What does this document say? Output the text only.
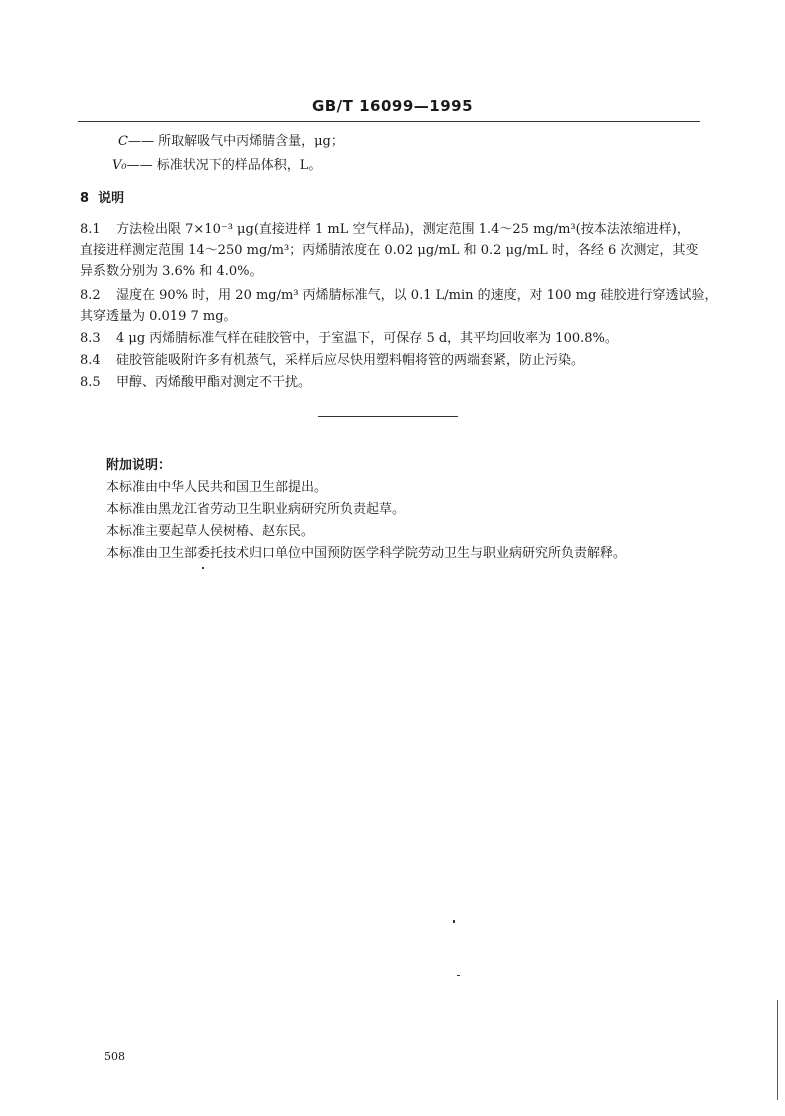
GB/T 16099—1995
C—— 所取解吸气中丙烯腈含量，μg；
V₀—— 标准状况下的样品体积，L。
8 说明
8.1 方法检出限 7×10⁻³ μg(直接进样 1 mL 空气样品)，测定范围 1.4～25 mg/m³(按本法浓缩进样)，
直接进样测定范围 14～250 mg/m³；丙烯腈浓度在 0.02 μg/mL 和 0.2 μg/mL 时，各经 6 次测定，其变
异系数分别为 3.6% 和 4.0%。
8.2 湿度在 90% 时，用 20 mg/m³ 丙烯腈标准气，以 0.1 L/min 的速度，对 100 mg 硅胶进行穿透试验，
其穿透量为 0.019 7 mg。
8.3 4 μg 丙烯腈标准气样在硅胶管中，于室温下，可保存 5 d，其平均回收率为 100.8%。
8.4 硅胶管能吸附许多有机蒸气，采样后应尽快用塑料帽将管的两端套紧，防止污染。
8.5 甲醇、丙烯酸甲酯对测定不干扰。
附加说明：
本标准由中华人民共和国卫生部提出。
本标准由黑龙江省劳动卫生职业病研究所负责起草。
本标准主要起草人侯树椿、赵东民。
本标准由卫生部委托技术归口单位中国预防医学科学院劳动卫生与职业病研究所负责解释。
508
